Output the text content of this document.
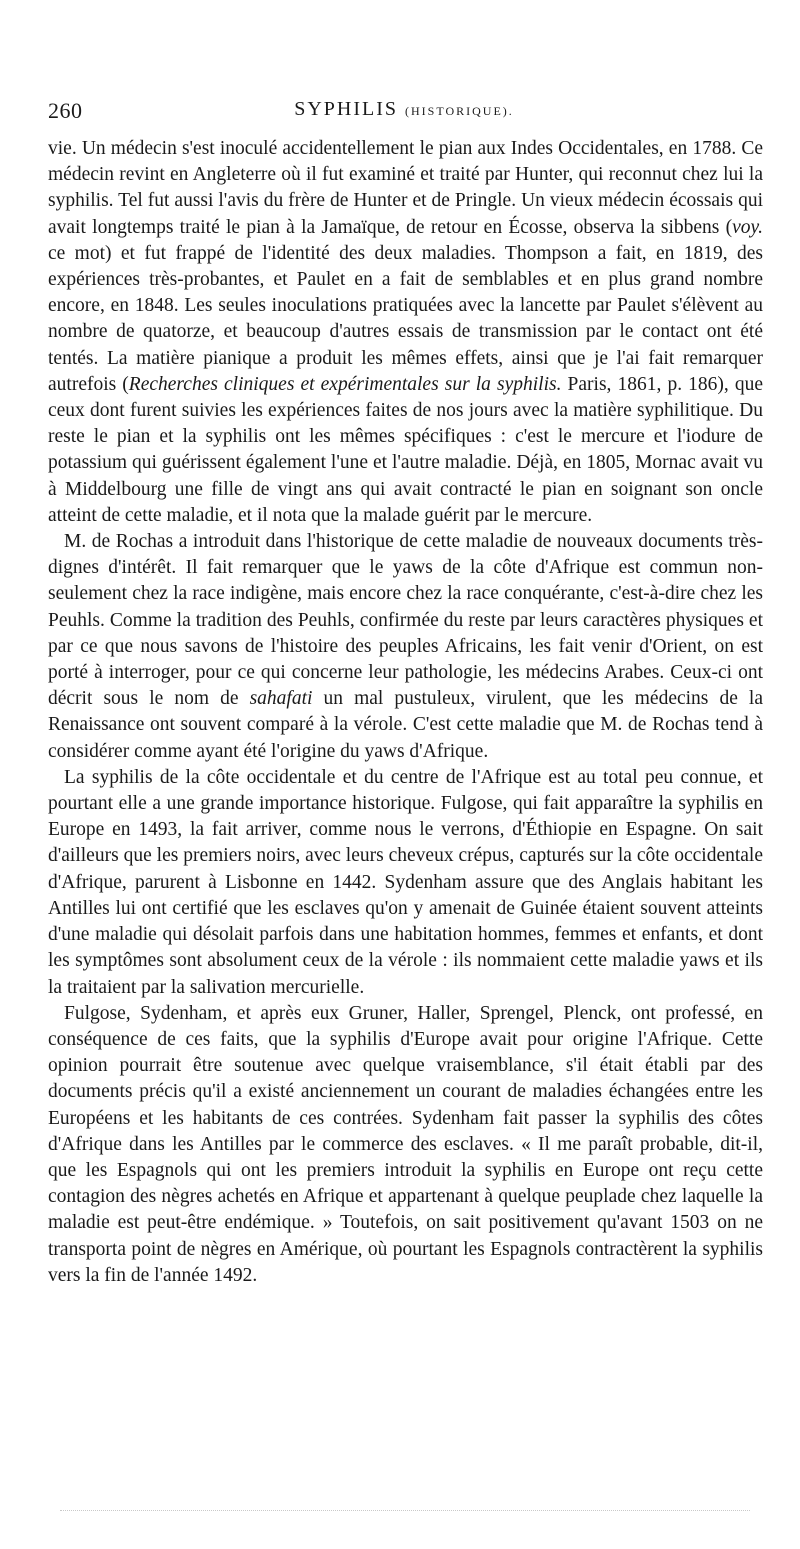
260	SYPHILIS (HISTORIQUE).

vie. Un médecin s'est inoculé accidentellement le pian aux Indes Occidentales, en 1788. Ce médecin revint en Angleterre où il fut examiné et traité par Hunter, qui reconnut chez lui la syphilis. Tel fut aussi l'avis du frère de Hunter et de Pringle. Un vieux médecin écossais qui avait longtemps traité le pian à la Jamaïque, de retour en Écosse, observa la sibbens (voy. ce mot) et fut frappé de l'identité des deux maladies. Thompson a fait, en 1819, des expériences très-probantes, et Paulet en a fait de semblables et en plus grand nombre encore, en 1848. Les seules inoculations pratiquées avec la lancette par Paulet s'élèvent au nombre de quatorze, et beaucoup d'autres essais de transmission par le contact ont été tentés. La matière pianique a produit les mêmes effets, ainsi que je l'ai fait remarquer autrefois (Recherches cliniques et expérimentales sur la syphilis. Paris, 1861, p. 186), que ceux dont furent suivies les expériences faites de nos jours avec la matière syphilitique. Du reste le pian et la syphilis ont les mêmes spécifiques : c'est le mercure et l'iodure de potassium qui guérissent également l'une et l'autre maladie. Déjà, en 1805, Mornac avait vu à Middelbourg une fille de vingt ans qui avait contracté le pian en soignant son oncle atteint de cette maladie, et il nota que la malade guérit par le mercure.

M. de Rochas a introduit dans l'historique de cette maladie de nouveaux documents très-dignes d'intérêt. Il fait remarquer que le yaws de la côte d'Afrique est commun non-seulement chez la race indigène, mais encore chez la race conquérante, c'est-à-dire chez les Peuhls. Comme la tradition des Peuhls, confirmée du reste par leurs caractères physiques et par ce que nous savons de l'histoire des peuples Africains, les fait venir d'Orient, on est porté à interroger, pour ce qui concerne leur pathologie, les médecins Arabes. Ceux-ci ont décrit sous le nom de sahafati un mal pustuleux, virulent, que les médecins de la Renaissance ont souvent comparé à la vérole. C'est cette maladie que M. de Rochas tend à considérer comme ayant été l'origine du yaws d'Afrique.

La syphilis de la côte occidentale et du centre de l'Afrique est au total peu connue, et pourtant elle a une grande importance historique. Fulgose, qui fait apparaître la syphilis en Europe en 1493, la fait arriver, comme nous le verrons, d'Éthiopie en Espagne. On sait d'ailleurs que les premiers noirs, avec leurs cheveux crépus, capturés sur la côte occidentale d'Afrique, parurent à Lisbonne en 1442. Sydenham assure que des Anglais habitant les Antilles lui ont certifié que les esclaves qu'on y amenait de Guinée étaient souvent atteints d'une maladie qui désolait parfois dans une habitation hommes, femmes et enfants, et dont les symptômes sont absolument ceux de la vérole : ils nommaient cette maladie yaws et ils la traitaient par la salivation mercurielle.

Fulgose, Sydenham, et après eux Gruner, Haller, Sprengel, Plenck, ont professé, en conséquence de ces faits, que la syphilis d'Europe avait pour origine l'Afrique. Cette opinion pourrait être soutenue avec quelque vraisemblance, s'il était établi par des documents précis qu'il a existé anciennement un courant de maladies échangées entre les Européens et les habitants de ces contrées. Sydenham fait passer la syphilis des côtes d'Afrique dans les Antilles par le commerce des esclaves. « Il me paraît probable, dit-il, que les Espagnols qui ont les premiers introduit la syphilis en Europe ont reçu cette contagion des nègres achetés en Afrique et appartenant à quelque peuplade chez laquelle la maladie est peut-être endémique. » Toutefois, on sait positivement qu'avant 1503 on ne transporta point de nègres en Amérique, où pourtant les Espagnols contractèrent la syphilis vers la fin de l'année 1492.
